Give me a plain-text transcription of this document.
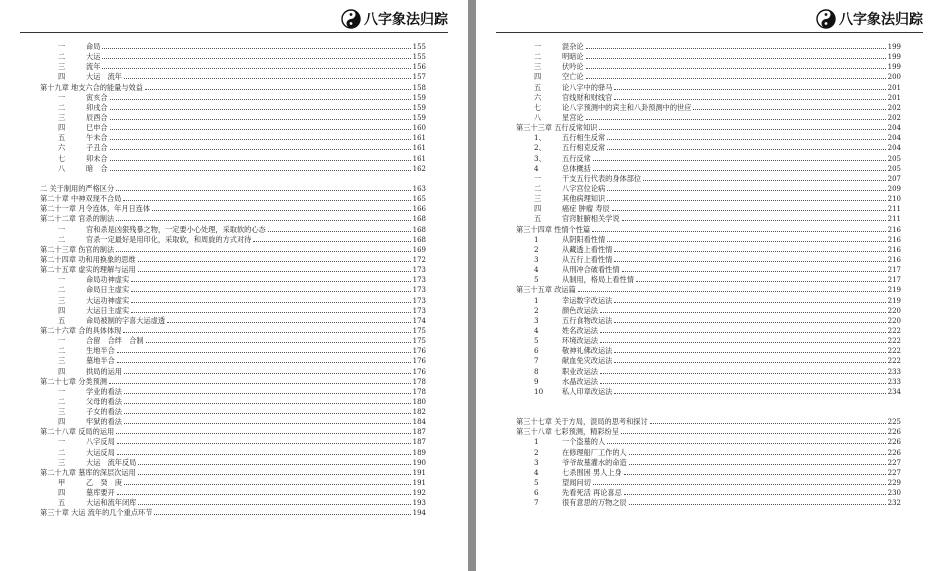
八字象法归踪
一	命局	155
二	大运	155
三	流年	156
四	大运　流年	157
第十九章 地支六合的能量与效益	158
一	寅亥合	159
二	卯戌合	159
三	辰酉合	159
四	巳申合	160
五	午未合	161
六	子丑合	161
七	卯未合	161
八	暗　合	162
二 关于制用的严格区分	163
第二十章 中神双现不合局	165
第二十一章 月令连体，年月日连体	166
第二十二章 官杀的制法	168
一	官和杀是凶狠残暴之物，一定要小心处理，采取软的心态	168
二	官杀一定最好是用印化，采取软，和周旋的方式对待	168
第二十三章 伤官的制法	169
第二十四章 功和用换象的思维	172
第二十五章 虚实的理解与运用	173
一	命局功神虚实	173
二	命局日主虚实	173
三	大运功神虚实	173
四	大运日主虚实	173
五	命局被制的字喜大运虚透	174
第二十六章 合的具体体现	175
一	合留　合绊　合制	175
二	生地半合	176
三	墓地半合	176
四	拱局的运用	176
第二十七章 分类预测	178
一	学业的看法	178
二	父母的看法	180
三	子女的看法	182
四	牢狱的看法	184
第二十八章 反局的运用	187
一	八字反局	187
二	大运反局	189
三	大运　流年反局	190
第二十九章 墓库的深层次运用	191
甲	乙　癸　庚	191
四	墓库要开	192
五	大运和流年闭库	193
第三十章 大运 流年的几个重点环节	194
八字象法归踪
一	混杂论	199
二	明暗论	199
三	伏吟论	199
四	空亡论	200
五	论八字中的驿马	201
六	官线财和财线官	201
七	论八字预测中的宾主和八卦预测中的世应	202
八	星宫论	202
第三十三章 五行反常知识	204
1、	五行相生反常	204
2、	五行相克反常	204
3、	五行反常	205
4	总体概括	205
一	干支五行代表的身体部位	207
二	八字宫位论病	209
三	其他病理知识	210
四	癌症 肿瘤 寿辰	211
五	官窍脏腑相关学说	211
第三十四章 性情个性篇	216
1	从阴阳看性情	216
2	从藏透上看性情	216
3	从五行上看性情	216
4	从刑冲合破看性情	217
5	从制用，格局上看性情	217
第三十五章 改运篇	219
1	幸运数字改运法	219
2	颜色改运法	220
3	五行食物改运法	220
4	姓名改运法	222
5	环境改运法	222
6	敬神礼佛改运法	222
7	献血免灾改运法	222
8	职业改运法	233
9	水晶改运法	233
10	私人印章改运法	234
第三十七章 关于方局，混局的思考和探讨	225
第三十八章 七彩预测，精彩纷呈	226
1	一个盗墓的人	226
2	在修理船厂工作的人	226
3	爷爷故墓灌水的命造	227
4	七杀围困 男人上身	227
5	望闻问切	229
6	先看死活 再论喜忌	230
7	很有意思的万物之辰	232
